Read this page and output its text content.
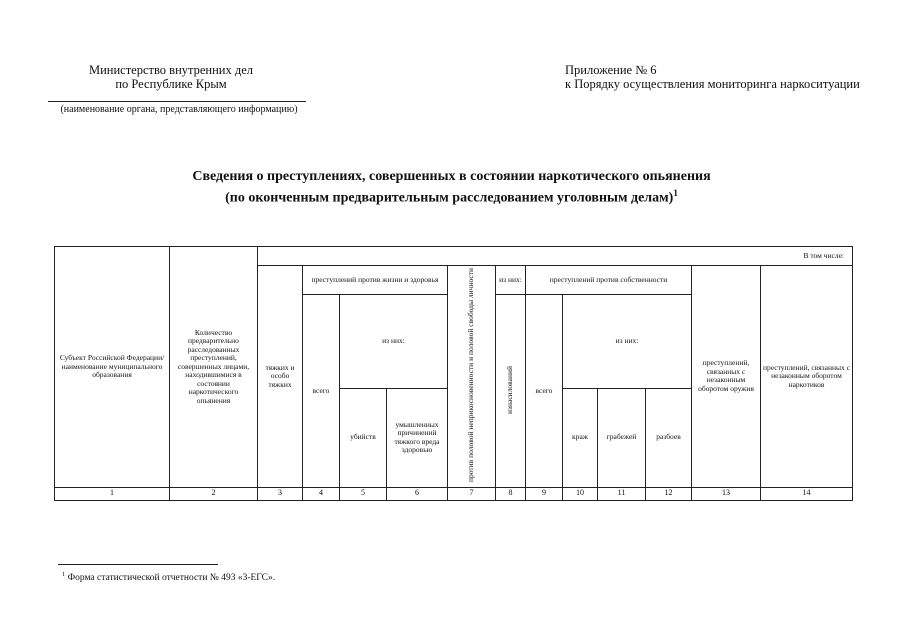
Министерство внутренних дел
по Республике Крым
(наименование органа, представляющего информацию)
Приложение № 6
к Порядку осуществления мониторинга наркоситуации
Сведения о преступлениях, совершенных в состоянии наркотического опьянения
(по оконченным предварительным расследованием уголовным делам)$^1$
Субъект Российской Федерации/ наименование муниципального образования	Количество предварительно расследованных преступлений, совершенных лицами, находившимися в состоянии наркотического опьянения	В том числе:											
		тяжких и особо тяжких	преступлений против жизни и здоровья			против половой неприкосновенности и половой свободы личности	из них:	преступлений против собственности				преступлений, связанных с незаконным оборотом оружия	преступлений, связанных с незаконным оборотом наркотиков
			всего	из них:			изнасилований	всего	из них:				
				убийств	умышленных причинений тяжкого вреда здоровью				краж	грабежей	разбоев		
1	2	3	4	5	6	7	8	9	10	11	12	13	14
$^1$ Форма статистической отчетности № 493 «3-ЕГС».
